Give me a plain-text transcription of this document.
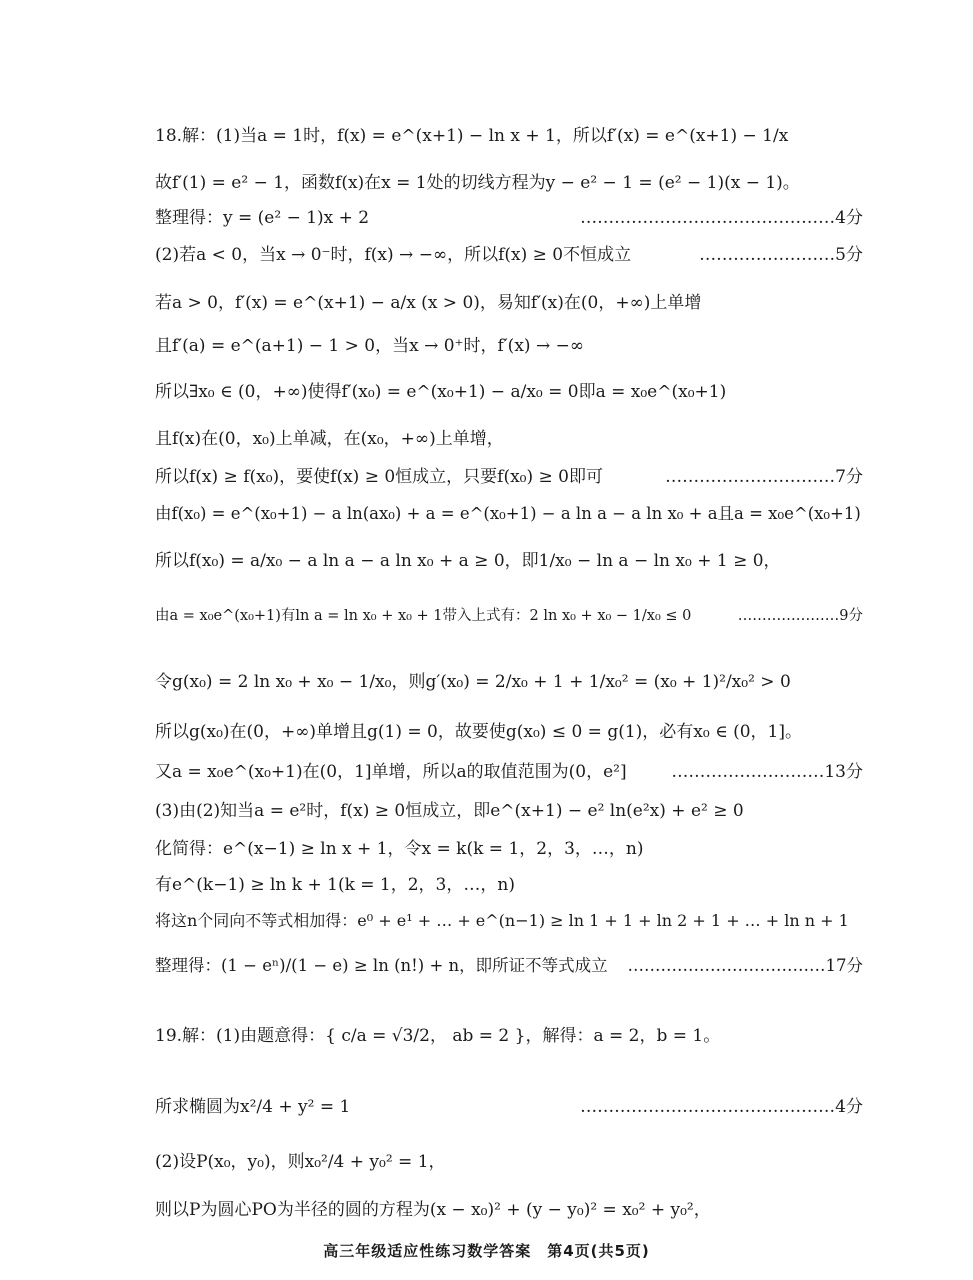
18.解：(1)当a = 1时，f(x) = e^(x+1) − ln x + 1，所以f′(x) = e^(x+1) − 1/x
故f′(1) = e² − 1，函数f(x)在x = 1处的切线方程为y − e² − 1 = (e² − 1)(x − 1)。
整理得：y = (e² − 1)x + 2	………………………………………4分
(2)若a < 0，当x → 0⁻时，f(x) → −∞，所以f(x) ≥ 0不恒成立	……………………5分
若a > 0，f′(x) = e^(x+1) − a/x (x > 0)，易知f′(x)在(0，+∞)上单增
且f′(a) = e^(a+1) − 1 > 0，当x → 0⁺时，f′(x) → −∞
所以∃x₀ ∈ (0，+∞)使得f′(x₀) = e^(x₀+1) − a/x₀ = 0即a = x₀e^(x₀+1)
且f(x)在(0，x₀)上单减，在(x₀，+∞)上单增，
所以f(x) ≥ f(x₀)，要使f(x) ≥ 0恒成立，只要f(x₀) ≥ 0即可	…………………………7分
由f(x₀) = e^(x₀+1) − a ln(ax₀) + a = e^(x₀+1) − a ln a − a ln x₀ + a且a = x₀e^(x₀+1)
所以f(x₀) = a/x₀ − a ln a − a ln x₀ + a ≥ 0，即1/x₀ − ln a − ln x₀ + 1 ≥ 0，
由a = x₀e^(x₀+1)有ln a = ln x₀ + x₀ + 1带入上式有：2 ln x₀ + x₀ − 1/x₀ ≤ 0	…………………9分
令g(x₀) = 2 ln x₀ + x₀ − 1/x₀，则g′(x₀) = 2/x₀ + 1 + 1/x₀² = (x₀ + 1)²/x₀² > 0
所以g(x₀)在(0，+∞)单增且g(1) = 0，故要使g(x₀) ≤ 0 = g(1)，必有x₀ ∈ (0，1]。
又a = x₀e^(x₀+1)在(0，1]单增，所以a的取值范围为(0，e²]	………………………13分
(3)由(2)知当a = e²时，f(x) ≥ 0恒成立，即e^(x+1) − e² ln(e²x) + e² ≥ 0
化简得：e^(x−1) ≥ ln x + 1，令x = k(k = 1，2，3，…，n)
有e^(k−1) ≥ ln k + 1(k = 1，2，3，…，n)
将这n个同向不等式相加得：e⁰ + e¹ + … + e^(n−1) ≥ ln 1 + 1 + ln 2 + 1 + … + ln n + 1
整理得：(1 − eⁿ)/(1 − e) ≥ ln (n!) + n，即所证不等式成立 ………………………………17分
19.解：(1)由题意得：{ c/a = √3/2， ab = 2 }，解得：a = 2，b = 1。
所求椭圆为x²/4 + y² = 1	………………………………………4分
(2)设P(x₀，y₀)，则x₀²/4 + y₀² = 1，
则以P为圆心PO为半径的圆的方程为(x − x₀)² + (y − y₀)² = x₀² + y₀²，
高三年级适应性练习数学答案　第4页(共5页)
